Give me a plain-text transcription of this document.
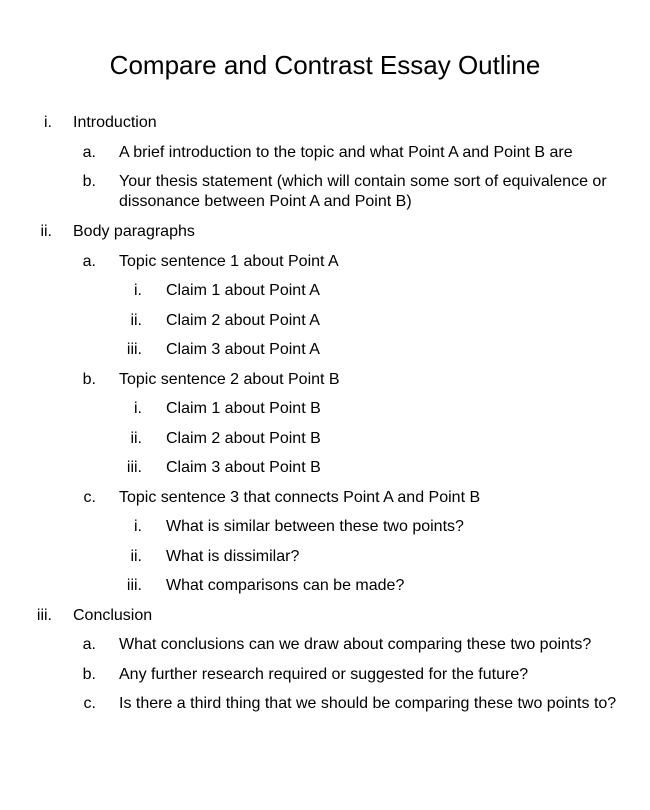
Compare and Contrast Essay Outline
i. Introduction
a. A brief introduction to the topic and what Point A and Point B are
b. Your thesis statement (which will contain some sort of equivalence or dissonance between Point A and Point B)
ii. Body paragraphs
a. Topic sentence 1 about Point A
i. Claim 1 about Point A
ii. Claim 2 about Point A
iii. Claim 3 about Point A
b. Topic sentence 2 about Point B
i. Claim 1 about Point B
ii. Claim 2 about Point B
iii. Claim 3 about Point B
c. Topic sentence 3 that connects Point A and Point B
i. What is similar between these two points?
ii. What is dissimilar?
iii. What comparisons can be made?
iii. Conclusion
a. What conclusions can we draw about comparing these two points?
b. Any further research required or suggested for the future?
c. Is there a third thing that we should be comparing these two points to?
